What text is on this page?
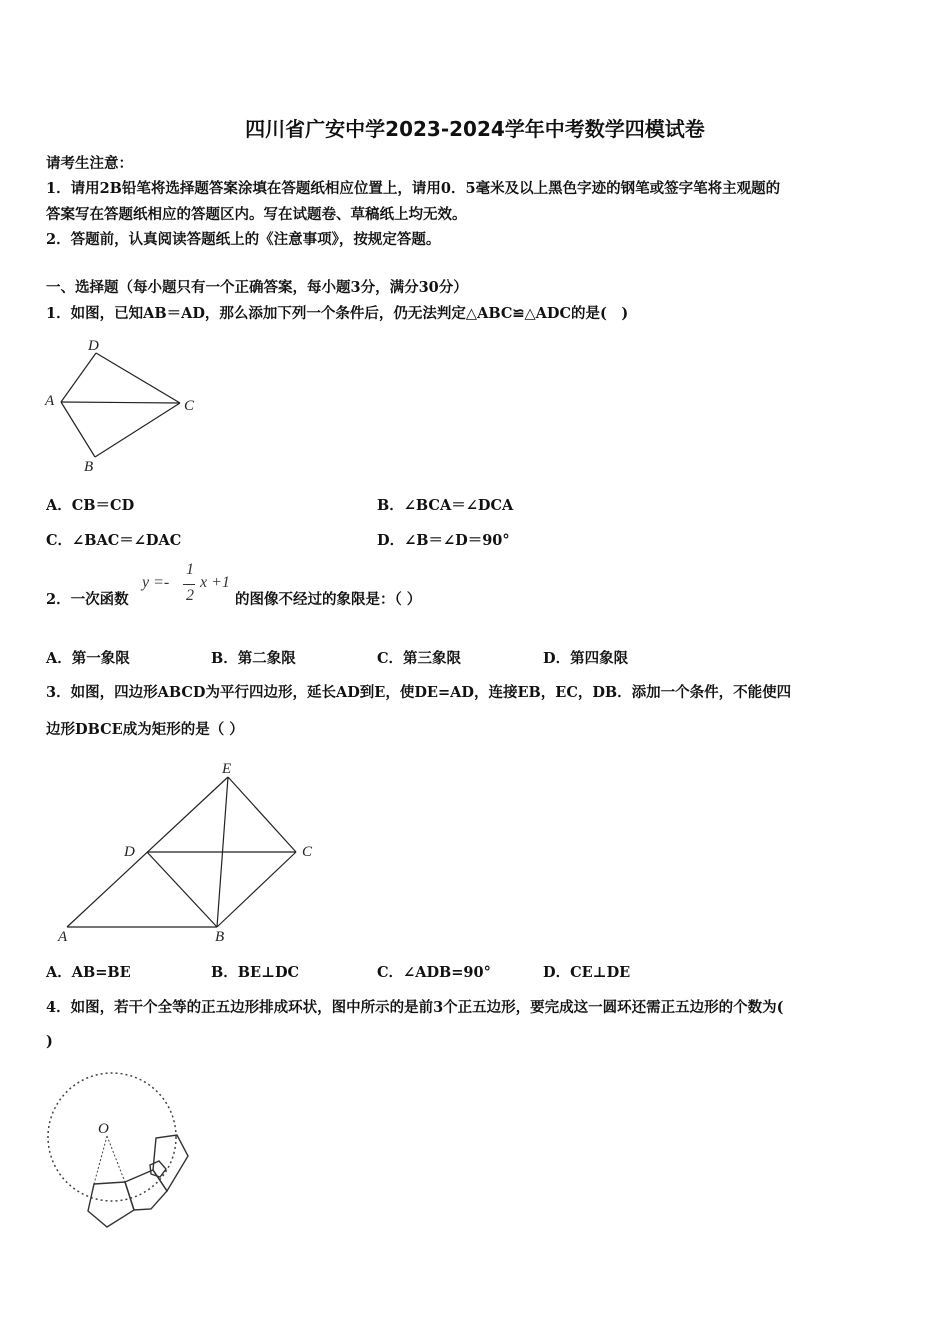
四川省广安中学2023-2024学年中考数学四模试卷
请考生注意：
1．请用2B铅笔将选择题答案涂填在答题纸相应位置上，请用0．5毫米及以上黑色字迹的钢笔或签字笔将主观题的
答案写在答题纸相应的答题区内。写在试题卷、草稿纸上均无效。
2．答题前，认真阅读答题纸上的《注意事项》，按规定答题。
一、选择题（每小题只有一个正确答案，每小题3分，满分30分）
1．如图，已知AB＝AD，那么添加下列一个条件后，仍无法判定△ABC≌△ADC的是(　)
D
A	C
B
A．CB＝CD	B．∠BCA＝∠DCA
C．∠BAC＝∠DAC	D．∠B＝∠D＝90°
2．一次函数
y =-
1
2
x +1
的图像不经过的象限是：（ ）
A．第一象限	B．第二象限	C．第三象限	D．第四象限
3．如图，四边形ABCD为平行四边形，延长AD到E，使DE=AD，连接EB，EC，DB．添加一个条件，不能使四
边形DBCE成为矩形的是（ ）
E
D	C
A	B
A．AB=BE	B．BE⊥DC	C．∠ADB=90°	D．CE⊥DE
4．如图，若干个全等的正五边形排成环状，图中所示的是前3个正五边形，要完成这一圆环还需正五边形的个数为(
)
O
